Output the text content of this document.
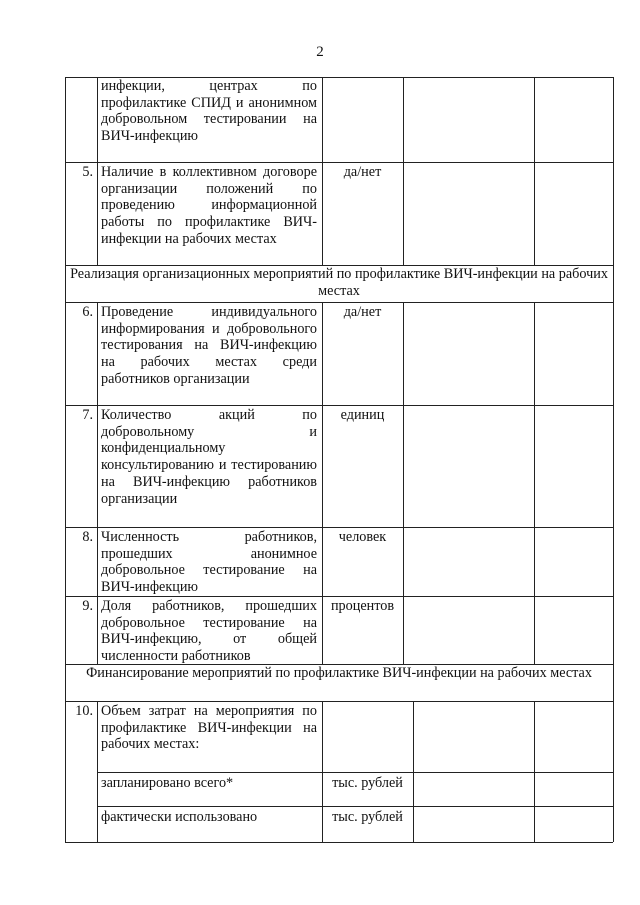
2
инфекции, центрах по профилактике СПИД и анонимном добровольном тестировании на ВИЧ-инфекцию
5. Наличие в коллективном договоре организации положений по проведению информационной работы по профилактике ВИЧ-инфекции на рабочих местах
да/нет
Реализация организационных мероприятий по профилактике ВИЧ-инфекции на рабочих местах
6. Проведение индивидуального информирования и добровольного тестирования на ВИЧ-инфекцию на рабочих местах среди работников организации
да/нет
7. Количество акций по добровольному и конфиденциальному консультированию и тестированию на ВИЧ-инфекцию работников организации
единиц
8. Численность работников, прошедших анонимное добровольное тестирование на ВИЧ-инфекцию
человек
9. Доля работников, прошедших добровольное тестирование на ВИЧ-инфекцию, от общей численности работников
процентов
Финансирование мероприятий по профилактике ВИЧ-инфекции на рабочих местах
10. Объем затрат на мероприятия по профилактике ВИЧ-инфекции на рабочих местах:
запланировано всего*	тыс. рублей
фактически использовано	тыс. рублей
